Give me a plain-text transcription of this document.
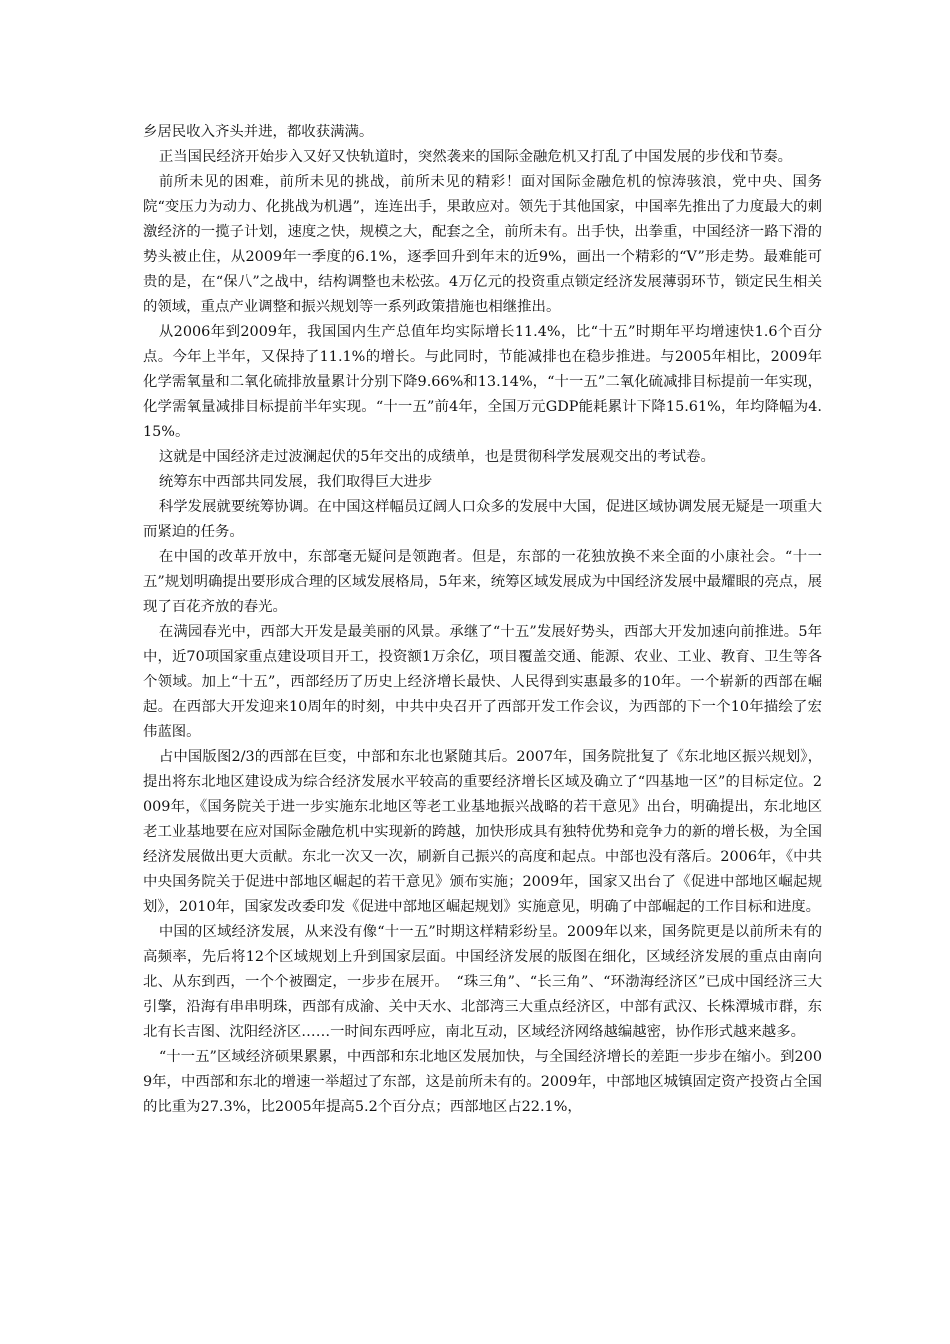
乡居民收入齐头并进，都收获满满。

正当国民经济开始步入又好又快轨道时，突然袭来的国际金融危机又打乱了中国发展的步伐和节奏。

前所未见的困难，前所未见的挑战，前所未见的精彩！面对国际金融危机的惊涛骇浪，党中央、国务院“变压力为动力、化挑战为机遇”，连连出手，果敢应对。领先于其他国家，中国率先推出了力度最大的刺激经济的一揽子计划，速度之快，规模之大，配套之全，前所未有。出手快，出拳重，中国经济一路下滑的势头被止住，从2009年一季度的6.1%，逐季回升到年末的近9%，画出一个精彩的“V”形走势。最难能可贵的是，在“保八”之战中，结构调整也未松弦。4万亿元的投资重点锁定经济发展薄弱环节，锁定民生相关的领域，重点产业调整和振兴规划等一系列政策措施也相继推出。

从2006年到2009年，我国国内生产总值年均实际增长11.4%，比“十五”时期年平均增速快1.6个百分点。今年上半年，又保持了11.1%的增长。与此同时，节能减排也在稳步推进。与2005年相比，2009年化学需氧量和二氧化硫排放量累计分别下降9.66%和13.14%，“十一五”二氧化硫减排目标提前一年实现，化学需氧量减排目标提前半年实现。“十一五”前4年，全国万元GDP能耗累计下降15.61%，年均降幅为4.15%。

这就是中国经济走过波澜起伏的5年交出的成绩单，也是贯彻科学发展观交出的考试卷。

统筹东中西部共同发展，我们取得巨大进步

科学发展就要统筹协调。在中国这样幅员辽阔人口众多的发展中大国，促进区域协调发展无疑是一项重大而紧迫的任务。

在中国的改革开放中，东部毫无疑问是领跑者。但是，东部的一花独放换不来全面的小康社会。“十一五”规划明确提出要形成合理的区域发展格局，5年来，统筹区域发展成为中国经济发展中最耀眼的亮点，展现了百花齐放的春光。

在满园春光中，西部大开发是最美丽的风景。承继了“十五”发展好势头，西部大开发加速向前推进。5年中，近70项国家重点建设项目开工，投资额1万余亿，项目覆盖交通、能源、农业、工业、教育、卫生等各个领域。加上“十五”，西部经历了历史上经济增长最快、人民得到实惠最多的10年。一个崭新的西部在崛起。在西部大开发迎来10周年的时刻，中共中央召开了西部开发工作会议，为西部的下一个10年描绘了宏伟蓝图。

占中国版图2/3的西部在巨变，中部和东北也紧随其后。2007年，国务院批复了《东北地区振兴规划》，提出将东北地区建设成为综合经济发展水平较高的重要经济增长区域及确立了“四基地一区”的目标定位。2009年，《国务院关于进一步实施东北地区等老工业基地振兴战略的若干意见》出台，明确提出，东北地区老工业基地要在应对国际金融危机中实现新的跨越，加快形成具有独特优势和竞争力的新的增长极，为全国经济发展做出更大贡献。东北一次又一次，刷新自己振兴的高度和起点。中部也没有落后。2006年，《中共中央国务院关于促进中部地区崛起的若干意见》颁布实施；2009年，国家又出台了《促进中部地区崛起规划》，2010年，国家发改委印发《促进中部地区崛起规划》实施意见，明确了中部崛起的工作目标和进度。

中国的区域经济发展，从来没有像“十一五”时期这样精彩纷呈。2009年以来，国务院更是以前所未有的高频率，先后将12个区域规划上升到国家层面。中国经济发展的版图在细化，区域经济发展的重点由南向北、从东到西，一个个被圈定，一步步在展开。　“珠三角”、“长三角”、“环渤海经济区”已成中国经济三大引擎，沿海有串串明珠，西部有成渝、关中天水、北部湾三大重点经济区，中部有武汉、长株潭城市群，东北有长吉图、沈阳经济区……一时间东西呼应，南北互动，区域经济网络越编越密，协作形式越来越多。

“十一五”区域经济硕果累累，中西部和东北地区发展加快，与全国经济增长的差距一步步在缩小。到2009年，中西部和东北的增速一举超过了东部，这是前所未有的。2009年，中部地区城镇固定资产投资占全国的比重为27.3%，比2005年提高5.2个百分点；西部地区占22.1%，
